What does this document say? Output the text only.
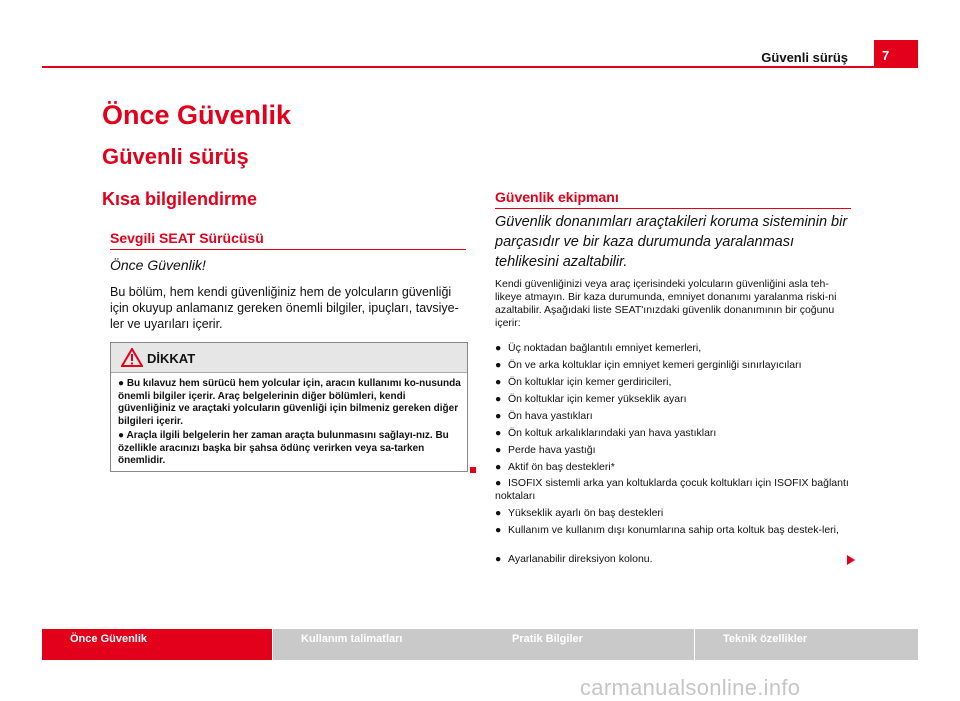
Güvenli sürüş	7
Önce Güvenlik
Güvenli sürüş
Kısa bilgilendirme
Sevgili SEAT Sürücüsü
Önce Güvenlik!
Bu bölüm, hem kendi güvenliğiniz hem de yolcuların güvenliği için okuyup anlamanız gereken önemli bilgiler, ipuçları, tavsiye-ler ve uyarıları içerir.
DİKKAT
● Bu kılavuz hem sürücü hem yolcular için, aracın kullanımı ko-nusunda önemli bilgiler içerir. Araç belgelerinin diğer bölümleri, kendi güvenliğiniz ve araçtaki yolcuların güvenliği için bilmeniz gereken diğer bilgileri içerir.
● Araçla ilgili belgelerin her zaman araçta bulunmasını sağlayı-nız. Bu özellikle aracınızı başka bir şahsa ödünç verirken veya sa-tarken önemlidir.
Güvenlik ekipmanı
Güvenlik donanımları araçtakileri koruma sisteminin bir parçasıdır ve bir kaza durumunda yaralanması tehlikesini azaltabilir.
Kendi güvenliğinizi veya araç içerisindeki yolcuların güvenliğini asla teh-likeye atmayın. Bir kaza durumunda, emniyet donanımı yaralanma riski-ni azaltabilir. Aşağıdaki liste SEAT'ınızdaki güvenlik donanımının bir çoğunu içerir:
● Üç noktadan bağlantılı emniyet kemerleri,
● Ön ve arka koltuklar için emniyet kemeri gerginliği sınırlayıcıları
● Ön koltuklar için kemer gerdiricileri,
● Ön koltuklar için kemer yükseklik ayarı
● Ön hava yastıkları
● Ön koltuk arkalıklarındaki yan hava yastıkları
● Perde hava yastığı
● Aktif ön baş destekleri*
● ISOFIX sistemli arka yan koltuklarda çocuk koltukları için ISOFIX bağlantı noktaları
● Yükseklik ayarlı ön baş destekleri
● Kullanım ve kullanım dışı konumlarına sahip orta koltuk baş destek-leri,
● Ayarlanabilir direksiyon kolonu.
Önce Güvenlik	Kullanım talimatları	Pratik Bilgiler	Teknik özellikler
carmanualsonline.info
